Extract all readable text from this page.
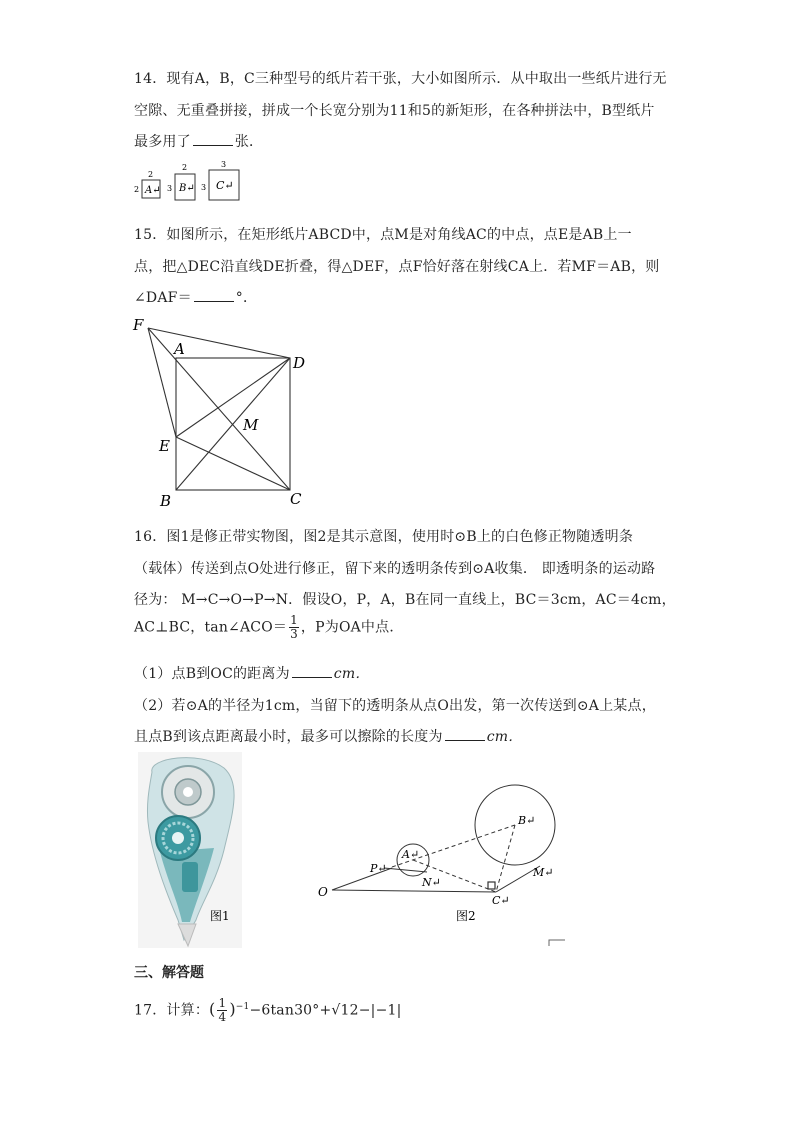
14．现有A，B，C三种型号的纸片若干张，大小如图所示．从中取出一些纸片进行无
空隙、无重叠拼接，拼成一个长宽分别为11和5的新矩形，在各种拼法中，B型纸片
最多用了	张．
A↵
2
2	B↵
2
3	C↵
3
3
15．如图所示，在矩形纸片ABCD中，点M是对角线AC的中点，点E是AB上一
点，把△DEC沿直线DE折叠，得△DEF，点F恰好落在射线CA上．若MF＝AB，则
∠DAF＝	°．
F
A
D
M
E
B	C
16．图1是修正带实物图，图2是其示意图，使用时⊙B上的白色修正物随透明条
（载体）传送到点O处进行修正，留下来的透明条传到⊙A收集． 即透明条的运动路
径为： M→C→O→P→N．假设O，P，A，B在同一直线上，BC＝3cm，AC＝4cm，
AC⊥BC，tan∠ACO＝ $\frac{1}{3}$ ，P为OA中点．
（1）点B到OC的距离为	cm．
（2）若⊙A的半径为1cm，当留下的透明条从点O出发，第一次传送到⊙A上某点，
且点B到该点距离最小时，最多可以擦除的长度为	cm．
图1
O
P↵
A↵
N↵
B↵
C↵
M↵
图2
三、解答题
17．计算：( $\frac{1}{4} )^{-1}-6\tan 30^\circ+√12-|-1|$
